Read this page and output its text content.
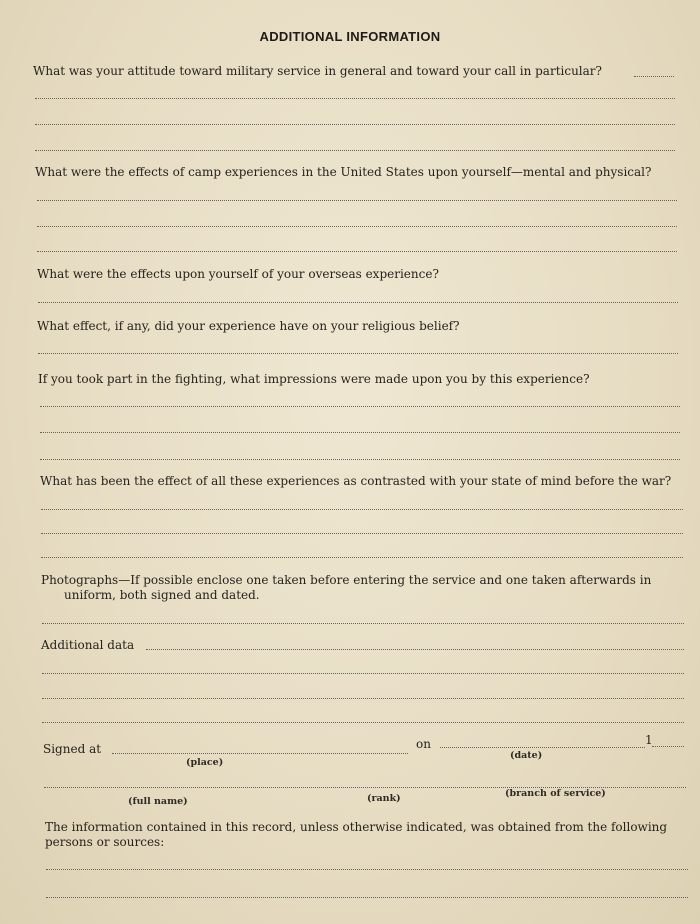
ADDITIONAL INFORMATION
What was your attitude toward military service in general and toward your call in particular?
What were the effects of camp experiences in the United States upon yourself—mental and physical?
What were the effects upon yourself of your overseas experience?
What effect, if any, did your experience have on your religious belief?
If you took part in the fighting, what impressions were made upon you by this experience?
What has been the effect of all these experiences as contrasted with your state of mind before the war?
Photographs—If possible enclose one taken before entering the service and one taken afterwards in
uniform, both signed and dated.
Additional data
Signed at	on	1
(place)
(date)
(full name)	(rank)	(branch of service)
The information contained in this record, unless otherwise indicated, was obtained from the following
persons or sources:
